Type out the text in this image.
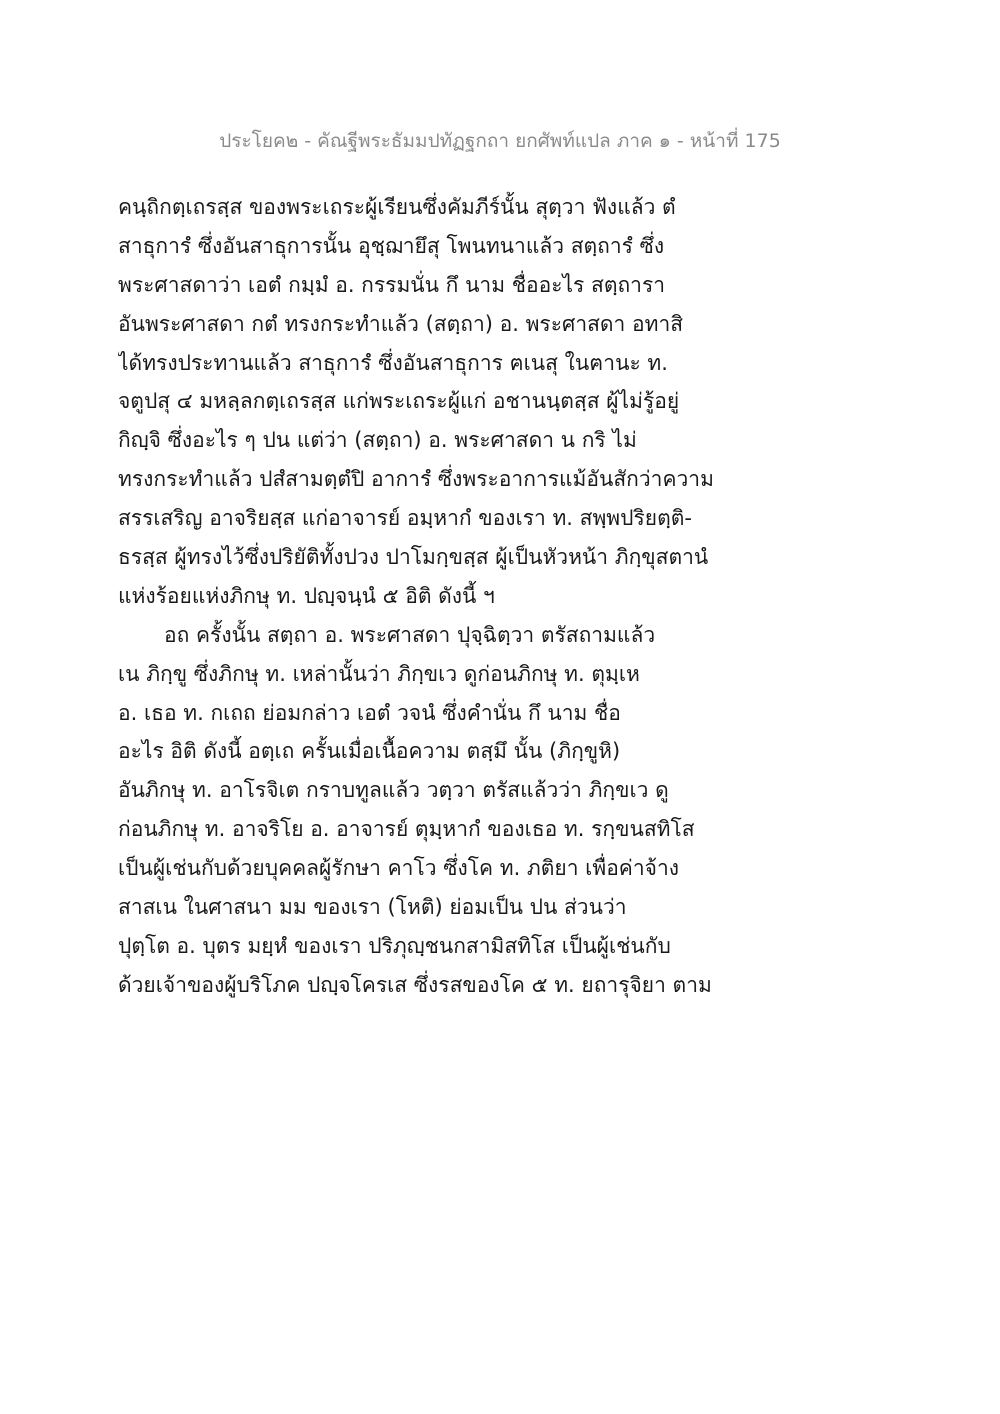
ประโยค๒ - คัณฐีพระธัมมปทัฏฐกถา ยกศัพท์แปล ภาค ๑ - หน้าที่ 175
คนฺถิกตฺเถรสฺส ของพระเถระผู้เรียนซึ่งคัมภีร์นั้น สุตฺวา ฟังแล้ว ตํ
สาธุการํ ซึ่งอันสาธุการนั้น อุชฺฌายึสุ โพนทนาแล้ว สตฺถารํ ซึ่ง
พระศาสดาว่า เอตํ กมฺมํ อ. กรรมนั่น กึ นาม ชื่ออะไร สตฺถารา
อันพระศาสดา กตํ ทรงกระทำแล้ว (สตฺถา) อ. พระศาสดา อทาสิ
ได้ทรงประทานแล้ว สาธุการํ ซึ่งอันสาธุการ ฅเนสุ ในฅานะ ท.
จตูปสุ ๔ มหลฺลกตฺเถรสฺส แก่พระเถระผู้แก่ อชานนฺตสฺส ผู้ไม่รู้อยู่
กิญฺจิ ซึ่งอะไร ๆ ปน แต่ว่า (สตฺถา) อ. พระศาสดา น กริ ไม่
ทรงกระทำแล้ว ปสํสามตฺตํปิ อาการํ ซึ่งพระอาการแม้อันสักว่าความ
สรรเสริญ อาจริยสฺส แก่อาจารย์ อมฺหากํ ของเรา ท. สพฺพปริยตฺติ-
ธรสฺส ผู้ทรงไว้ซึ่งปริยัติทั้งปวง ปาโมกฺขสฺส ผู้เป็นหัวหน้า ภิกฺขุสตานํ
แห่งร้อยแห่งภิกษุ ท. ปญฺจนฺนํ ๕ อิติ ดังนี้ ฯ
อถ ครั้งนั้น สตฺถา อ. พระศาสดา ปุจฺฉิตฺวา ตรัสถามแล้ว
เน ภิกฺขู ซึ่งภิกษุ ท. เหล่านั้นว่า ภิกฺขเว ดูก่อนภิกษุ ท. ตุมฺเห
อ. เธอ ท. กเถถ ย่อมกล่าว เอตํ วจนํ ซึ่งคำนั่น กึ นาม ชื่อ
อะไร อิติ ดังนี้ อตฺเถ ครั้นเมื่อเนื้อความ ตสฺมึ นั้น (ภิกฺขูหิ)
อันภิกษุ ท. อาโรจิเต กราบทูลแล้ว วตฺวา ตรัสแล้วว่า ภิกฺขเว ดู
ก่อนภิกษุ ท. อาจริโย อ. อาจารย์ ตุมฺหากํ ของเธอ ท. รกฺขนสทิโส
เป็นผู้เช่นกับด้วยบุคคลผู้รักษา คาโว ซึ่งโค ท. ภติยา เพื่อค่าจ้าง
สาสเน ในศาสนา มม ของเรา (โหติ) ย่อมเป็น ปน ส่วนว่า
ปุตฺโต อ. บุตร มยฺหํ ของเรา ปริภุญฺชนกสามิสทิโส เป็นผู้เช่นกับ
ด้วยเจ้าของผู้บริโภค ปญฺจโครเส ซึ่งรสของโค ๕ ท. ยถารุจิยา ตาม
